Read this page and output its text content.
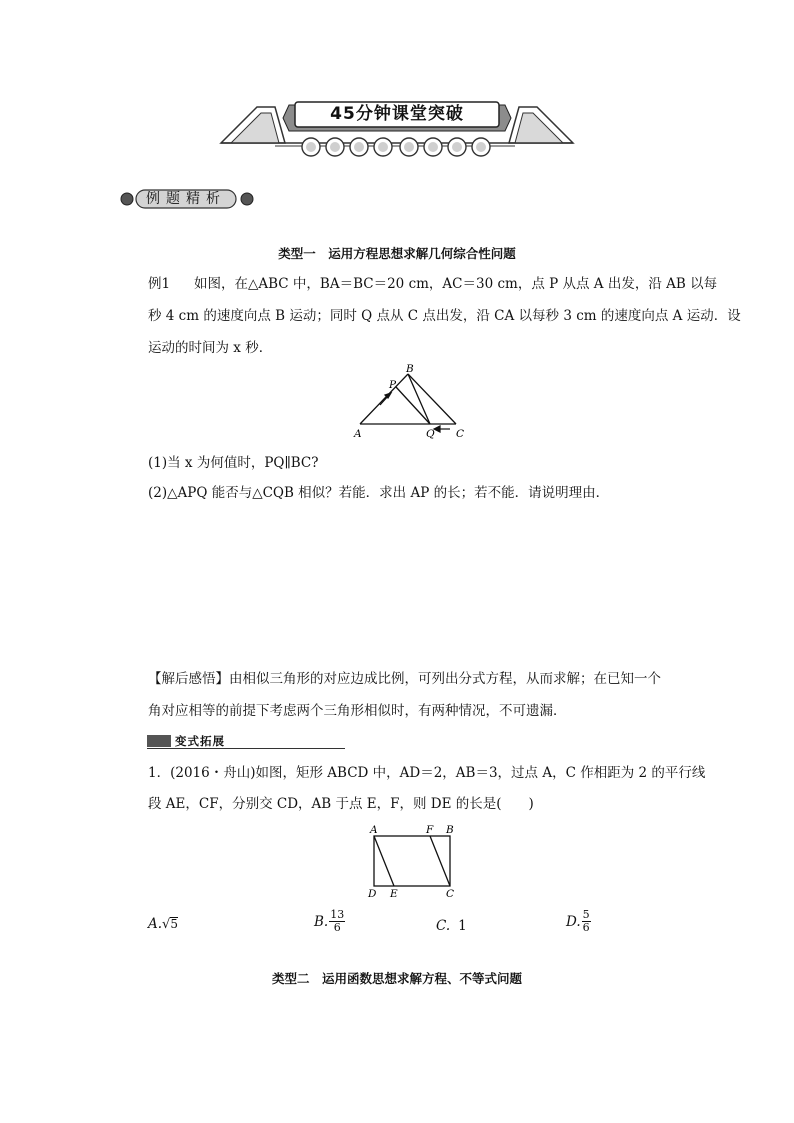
45分钟课堂突破
例题精析
类型一　运用方程思想求解几何综合性问题
例1 如图，在△ABC 中，BA＝BC＝20 cm，AC＝30 cm，点 P 从点 A 出发，沿 AB 以每
秒 4 cm 的速度向点 B 运动；同时 Q 点从 C 点出发，沿 CA 以每秒 3 cm 的速度向点 A 运动．设
运动的时间为 x 秒．
A
B
C
P
Q
(1)当 x 为何值时，PQ∥BC?
(2)△APQ 能否与△CQB 相似？若能．求出 AP 的长；若不能．请说明理由．
【解后感悟】由相似三角形的对应边成比例，可列出分式方程，从而求解；在已知一个
角对应相等的前提下考虑两个三角形相似时，有两种情况，不可遗漏．
变式拓展
1．(2016・舟山)如图，矩形 ABCD 中，AD＝2，AB＝3，过点 A，C 作相距为 2 的平行线
段 AE，CF，分别交 CD，AB 于点 E，F，则 DE 的长是(　　)
A	F B
D E	C
A. √ 5	B. $\frac{13}{6}$	C. 1	D. $\frac{5}{6}$
类型二　运用函数思想求解方程、不等式问题
